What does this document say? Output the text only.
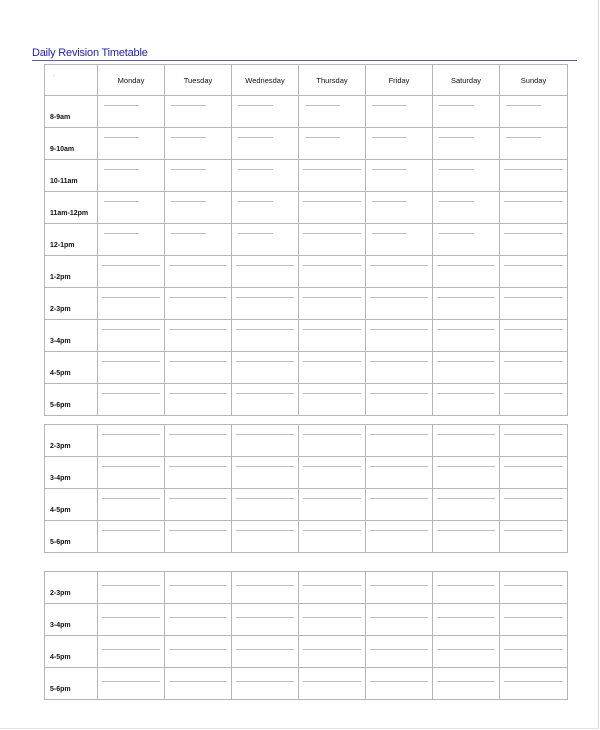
Daily Revision Timetable
·	Monday	Tuesday	Wednesday	Thursday	Friday	Saturday	Sunday

8-9am							

9-10am							

10-11am							

11am-12pm							

12-1pm							

1-2pm							

2-3pm							

3-4pm							

4-5pm							

5-6pm							

2-3pm							

3-4pm							

4-5pm							

5-6pm							

2-3pm							

3-4pm							

4-5pm							

5-6pm							
